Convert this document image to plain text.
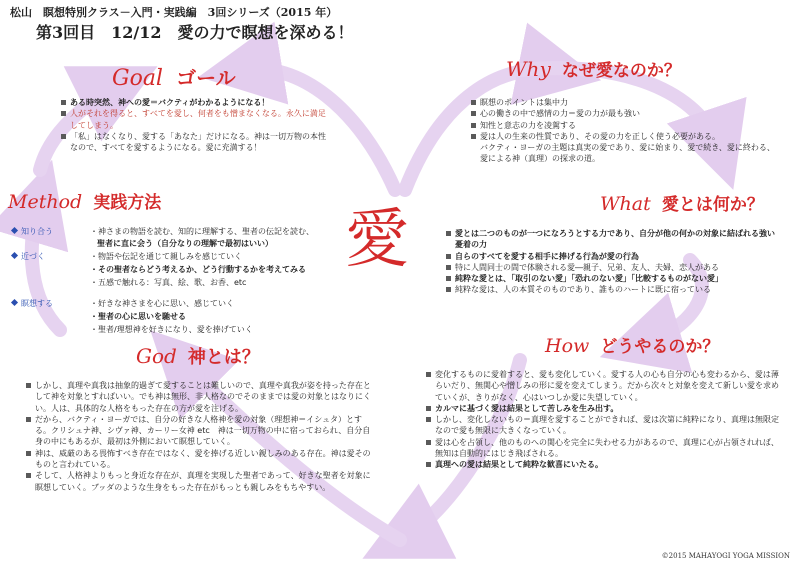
松山　瞑想特別クラス－入門・実践編　3回シリーズ（2015 年）
第3回目　12/12　愛の力で瞑想を深める！
愛
Goal ゴール
ある時突然、神への愛＝バクティがわかるようになる！
人がそれを得ると、すべてを愛し、何者をも憎まなくなる。永久に満足してしまう。
「私」はなくなり、愛する「あなた」だけになる。神は一切万物の本性なので、すべてを愛するようになる。愛に充満する！
Method 実践方法
知り合う
近づく
瞑想する
・神さまの物語を読む、知的に理解する、聖者の伝記を読む、
聖者に直に会う（自分なりの理解で最初はいい）
・物語や伝記を通じて親しみを感じていく
・その聖者ならどう考えるか、どう行動するかを考えてみる
・五感で触れる：写真、絵、歌、お香、etc
・好きな神さまを心に思い、感じていく
・聖者の心に思いを馳せる
・聖者/理想神を好きになり、愛を捧げていく
God 神とは？
しかし、真理や真我は抽象的過ぎて愛することは難しいので、真理や真我が姿を持った存在として神を対象とすればいい。でも神は無形、非人格なのでそのままでは愛の対象とはなりにくい。人は、具体的な人格をもった存在の方が愛を注げる。
だから、バクティ・ヨーガでは、自分の好きな人格神を愛の対象（理想神＝イシュタ）とする。クリシュナ神、シヴァ神、カーリー女神 etc　神は一切万物の中に宿っておられ、自分自身の中にもあるが、最初は外側において瞑想していく。
神は、威厳のある畏怖すべき存在ではなく、愛を捧げる近しい親しみのある存在。神は愛そのものと言われている。
そして、人格神よりもっと身近な存在が、真理を実現した聖者であって、好きな聖者を対象に瞑想していく。ブッダのような生身をもった存在がもっとも親しみをもちやすい。
Why なぜ愛なのか？
瞑想のポイントは集中力
心の働きの中で感情の力＝愛の力が最も強い
知性と意志の力を凌駕する
愛は人の生来の性質であり、その愛の力を正しく使う必要がある。
バクティ・ヨーガの主題は真実の愛であり、愛に始まり、愛で続き、愛に終わる、愛による神（真理）の探求の道。
What 愛とは何か？
愛とは二つのものが一つになろうとする力であり、自分が他の何かの対象に結ばれる強い憂着の力
自らのすべてを愛する相手に捧げる行為が愛の行為
特に人間同士の間で体験される愛―親子、兄弟、友人、夫婦、恋人がある
純粋な愛とは、「取引のない愛」「恐れのない愛」「比較するものがない愛」
純粋な愛は、人の本質そのものであり、誰ものハートに既に宿っている
How どうやるのか？
変化するものに愛着すると、愛も変化していく。愛する人の心も自分の心も変わるから、愛は薄らいだり、無関心や憎しみの形に愛を変えてしまう。だから次々と対象を変えて新しい愛を求めていくが、きりがなく、心はいつしか愛に失望していく。
カルマに基づく愛は結果として苦しみを生み出す。
しかし、変化しないもの＝真理を愛することができれば、愛は次第に純粋になり、真理は無限定なので愛も無限に大きくなっていく。
愛は心を占領し、他のものへの関心を完全に失わせる力があるので、真理に心が占領されれば、無知は自動的にはじき飛ばされる。
真理への愛は結果として純粋な歓喜にいたる。
©2015 MAHAYOGI YOGA MISSION
